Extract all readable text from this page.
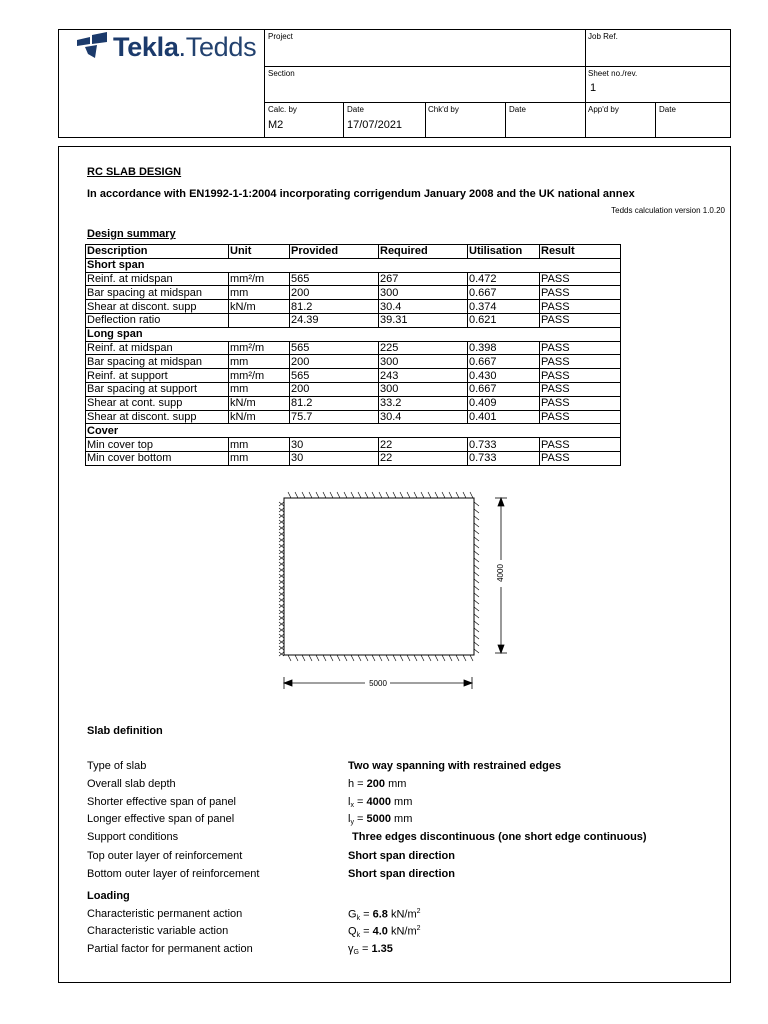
Tekla.Tedds Project	Job Ref.
Section	Sheet no./rev.
1
Calc. by
M2
Date
17/07/2021
Chk'd by	Date	App'd by	Date
RC SLAB DESIGN
In accordance with EN1992-1-1:2004 incorporating corrigendum January 2008 and the UK national annex
Tedds calculation version 1.0.20
Design summary
Description	Unit	Provided	Required	Utilisation	Result
Short span					
Reinf. at midspan	mm²/m	565	267	0.472	PASS
Bar spacing at midspan	mm	200	300	0.667	PASS
Shear at discont. supp	kN/m	81.2	30.4	0.374	PASS
Deflection ratio		24.39	39.31	0.621	PASS
Long span					
Reinf. at midspan	mm²/m	565	225	0.398	PASS
Bar spacing at midspan	mm	200	300	0.667	PASS
Reinf. at support	mm²/m	565	243	0.430	PASS
Bar spacing at support	mm	200	300	0.667	PASS
Shear at cont. supp	kN/m	81.2	33.2	0.409	PASS
Shear at discont. supp	kN/m	75.7	30.4	0.401	PASS
Cover					
Min cover top	mm	30	22	0.733	PASS
Min cover bottom	mm	30	22	0.733	PASS
4000
5000
Slab definition
Type of slab	Two way spanning with restrained edges
Overall slab depth	h = 200 mm
Shorter effective span of panel	$l_x = 4000$ mm
Longer effective span of panel	$l_y = 5000$ mm
Support conditions	Three edges discontinuous (one short edge continuous)
Top outer layer of reinforcement	Short span direction
Bottom outer layer of reinforcement	Short span direction
Loading
Characteristic permanent action	$G_k = 6.8$ $kN/m^2$
Characteristic variable action	$Q_k = 4.0$ $kN/m^2$
Partial factor for permanent action	$\gamma_G = 1.35$
